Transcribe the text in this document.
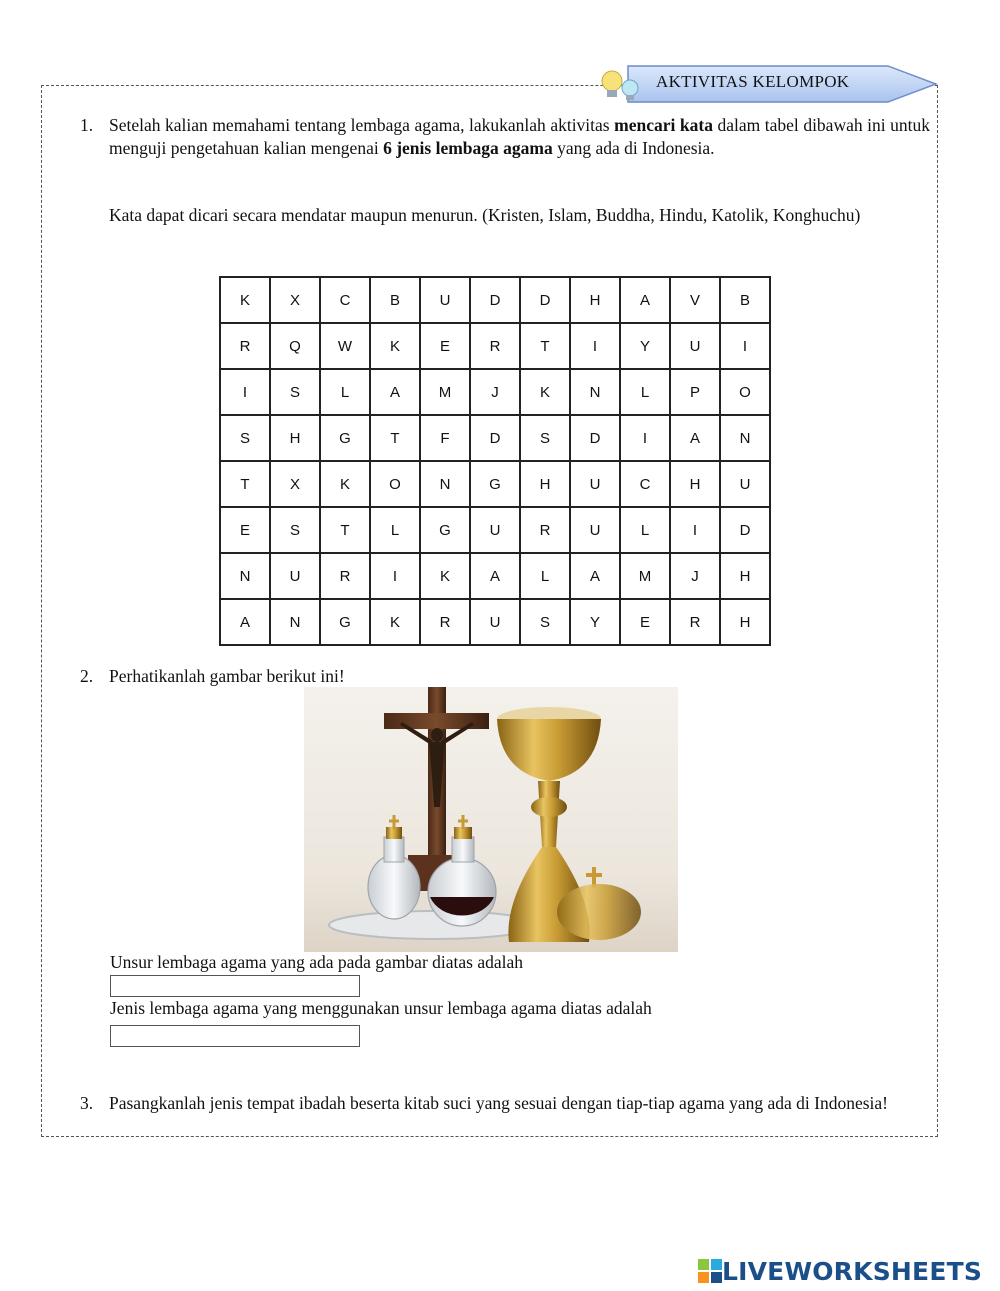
AKTIVITAS KELOMPOK
1. Setelah kalian memahami tentang lembaga agama, lakukanlah aktivitas mencari kata dalam tabel dibawah ini untuk menguji pengetahuan kalian mengenai 6 jenis lembaga agama yang ada di Indonesia.
Kata dapat dicari secara mendatar maupun menurun. (Kristen, Islam, Buddha, Hindu, Katolik, Konghuchu)
K	X	C	B	U	D	D	H	A	V	B
R	Q	W	K	E	R	T	I	Y	U	I
I	S	L	A	M	J	K	N	L	P	O
S	H	G	T	F	D	S	D	I	A	N
T	X	K	O	N	G	H	U	C	H	U
E	S	T	L	G	U	R	U	L	I	D
N	U	R	I	K	A	L	A	M	J	H
A	N	G	K	R	U	S	Y	E	R	H
2. Perhatikanlah gambar berikut ini!
Unsur lembaga agama yang ada pada gambar diatas adalah
Jenis lembaga agama yang menggunakan unsur lembaga agama diatas adalah
3. Pasangkanlah jenis tempat ibadah beserta kitab suci yang sesuai dengan tiap-tiap agama yang ada di Indonesia!
LIVEWORKSHEETS
